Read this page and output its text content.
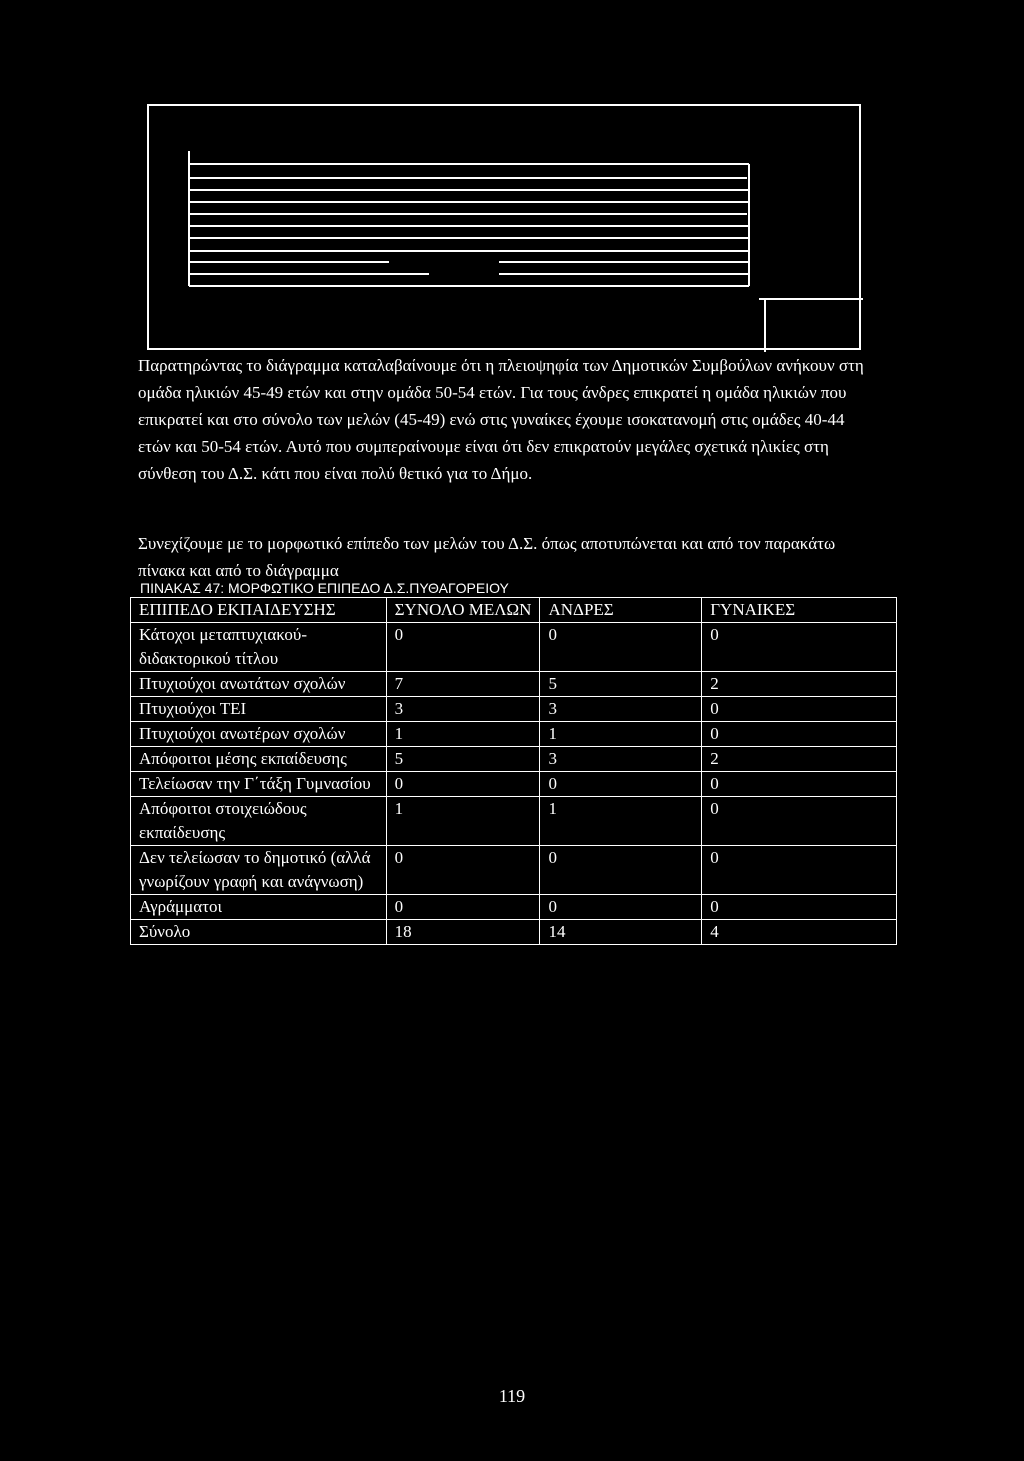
Παρατηρώντας το διάγραμμα καταλαβαίνουμε ότι η πλειοψηφία των Δημοτικών Συμβούλων ανήκουν στη ομάδα ηλικιών 45-49 ετών και στην ομάδα 50-54 ετών. Για τους άνδρες επικρατεί η ομάδα ηλικιών που επικρατεί και στο σύνολο των μελών (45-49) ενώ στις γυναίκες έχουμε ισοκατανομή στις ομάδες 40-44 ετών και 50-54 ετών. Αυτό που συμπεραίνουμε είναι ότι δεν επικρατούν μεγάλες σχετικά ηλικίες στη σύνθεση του Δ.Σ. κάτι που είναι πολύ θετικό για το Δήμο.

Συνεχίζουμε με το μορφωτικό επίπεδο των μελών του Δ.Σ. όπως αποτυπώνεται και από τον παρακάτω πίνακα και από το διάγραμμα

ΠΙΝΑΚΑΣ 47: ΜΟΡΦΩΤΙΚΟ ΕΠΙΠΕΔΟ Δ.Σ.ΠΥΘΑΓΟΡΕΙΟΥ
ΕΠΙΠΕΔΟ ΕΚΠΑΙΔΕΥΣΗΣ	ΣΥΝΟΛΟ ΜΕΛΩΝ	ΑΝΔΡΕΣ	ΓΥΝΑΙΚΕΣ
Κάτοχοι μεταπτυχιακού-διδακτορικού τίτλου	0	0	0
Πτυχιούχοι ανωτάτων σχολών	7	5	2
Πτυχιούχοι ΤΕΙ	3	3	0
Πτυχιούχοι ανωτέρων σχολών	1	1	0
Απόφοιτοι μέσης εκπαίδευσης	5	3	2
Τελείωσαν την Γ΄τάξη Γυμνασίου	0	0	0
Απόφοιτοι στοιχειώδους εκπαίδευσης	1	1	0
Δεν τελείωσαν το δημοτικό (αλλά γνωρίζουν γραφή και ανάγνωση)	0	0	0
Αγράμματοι	0	0	0
Σύνολο	18	14	4
119
